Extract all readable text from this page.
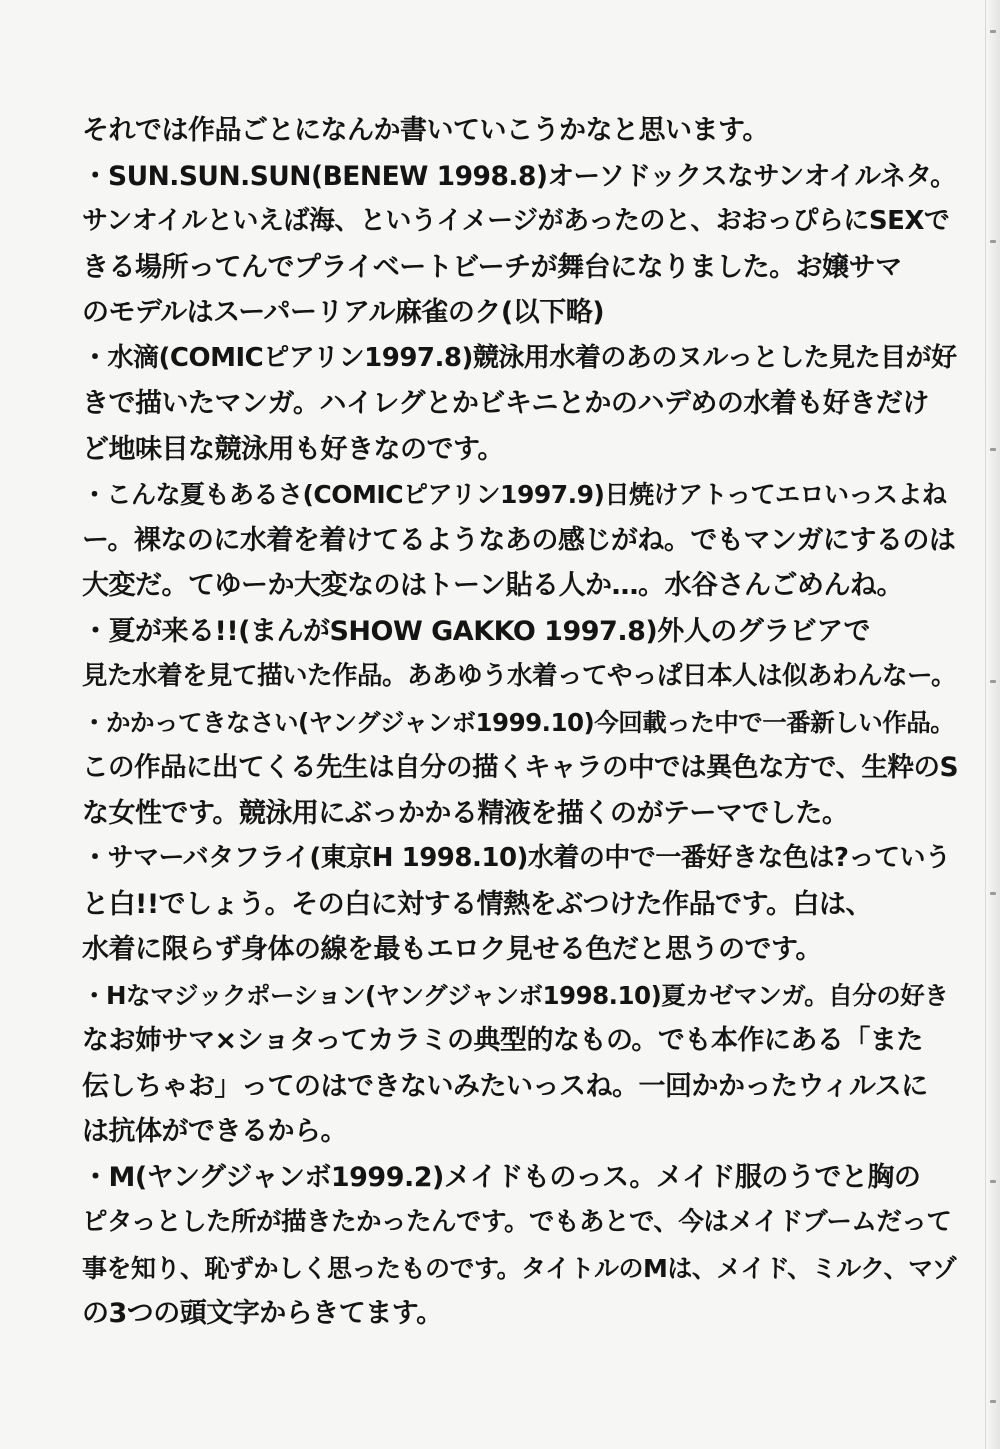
それでは作品ごとになんか書いていこうかなと思います。
・SUN.SUN.SUN(BENEW 1998.8)オーソドックスなサンオイルネタ。
サンオイルといえば海、というイメージがあったのと、おおっぴらにSEXで
きる場所ってんでプライベートビーチが舞台になりました。お嬢サマ
のモデルはスーパーリアル麻雀のク(以下略)
・水滴(COMICピアリン1997.8)競泳用水着のあのヌルっとした見た目が好
きで描いたマンガ。ハイレグとかビキニとかのハデめの水着も好きだけ
ど地味目な競泳用も好きなのです。
・こんな夏もあるさ(COMICピアリン1997.9)日焼けアトってエロいっスよね
ー。裸なのに水着を着けてるようなあの感じがね。でもマンガにするのは
大変だ。てゆーか大変なのはトーン貼る人か…。水谷さんごめんね。
・夏が来る!!(まんがSHOW GAKKO 1997.8)外人のグラビアで
見た水着を見て描いた作品。ああゆう水着ってやっぱ日本人は似あわんなー。
・かかってきなさい(ヤングジャンボ1999.10)今回載った中で一番新しい作品。
この作品に出てくる先生は自分の描くキャラの中では異色な方で、生粋のS
な女性です。競泳用にぶっかかる精液を描くのがテーマでした。
・サマーバタフライ(東京H 1998.10)水着の中で一番好きな色は?っていう
と白!!でしょう。その白に対する情熱をぶつけた作品です。白は、
水着に限らず身体の線を最もエロク見せる色だと思うのです。
・Hなマジックポーション(ヤングジャンボ1998.10)夏カゼマンガ。自分の好き
なお姉サマ×ショタってカラミの典型的なもの。でも本作にある「また
伝しちゃお」ってのはできないみたいっスね。一回かかったウィルスに
は抗体ができるから。
・M(ヤングジャンボ1999.2)メイドものっス。メイド服のうでと胸の
ピタっとした所が描きたかったんです。でもあとで、今はメイドブームだって
事を知り、恥ずかしく思ったものです。タイトルのMは、メイド、ミルク、マゾ
の3つの頭文字からきてます。
